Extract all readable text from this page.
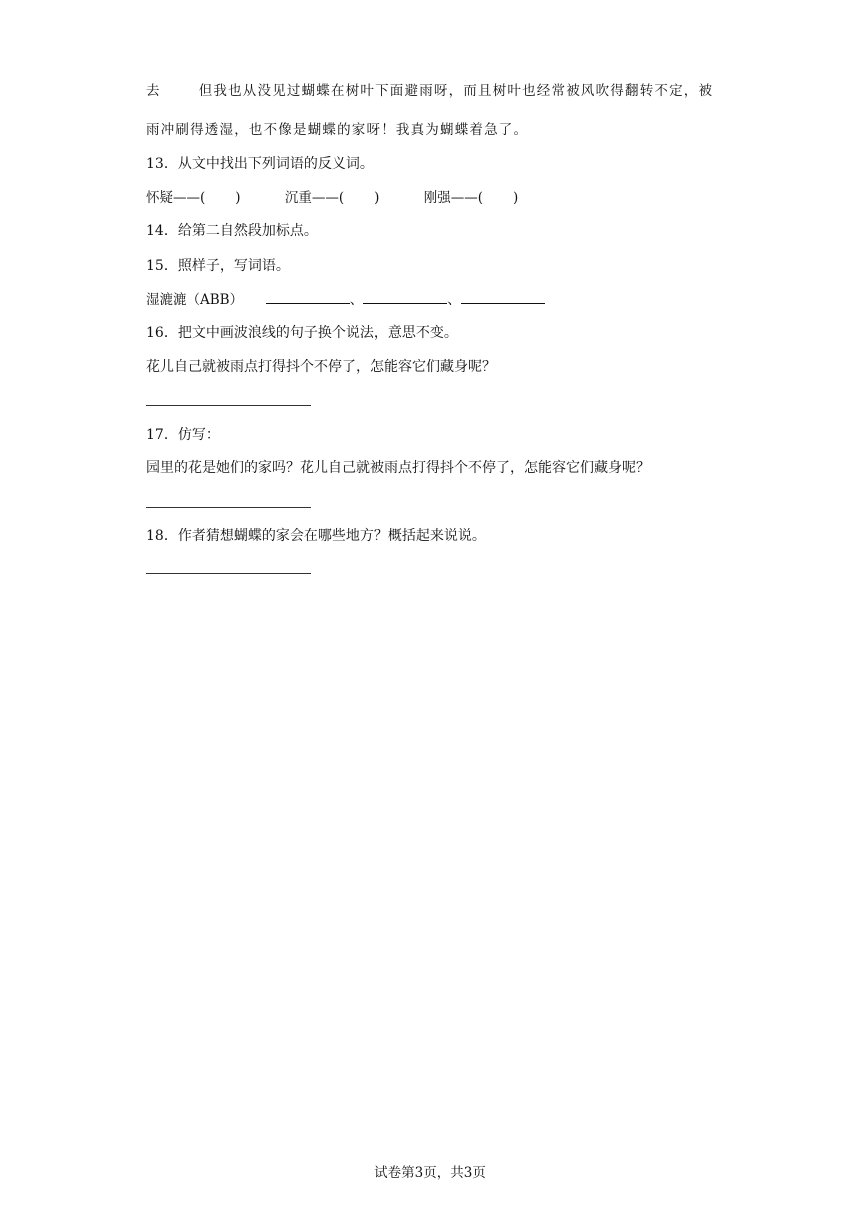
去	但我也从没见过蝴蝶在树叶下面避雨呀，而且树叶也经常被风吹得翻转不定，被
雨冲刷得透湿，也不像是蝴蝶的家呀！我真为蝴蝶着急了。
13．从文中找出下列词语的反义词。
怀疑——( )	沉重——( )	刚强——( )
14．给第二自然段加标点。
15．照样子，写词语。
湿漉漉（ABB）	、	、
16．把文中画波浪线的句子换个说法，意思不变。
花儿自己就被雨点打得抖个不停了，怎能容它们藏身呢？
17．仿写：
园里的花是她们的家吗？花儿自己就被雨点打得抖个不停了，怎能容它们藏身呢？
18．作者猜想蝴蝶的家会在哪些地方？概括起来说说。
试卷第3页，共3页
